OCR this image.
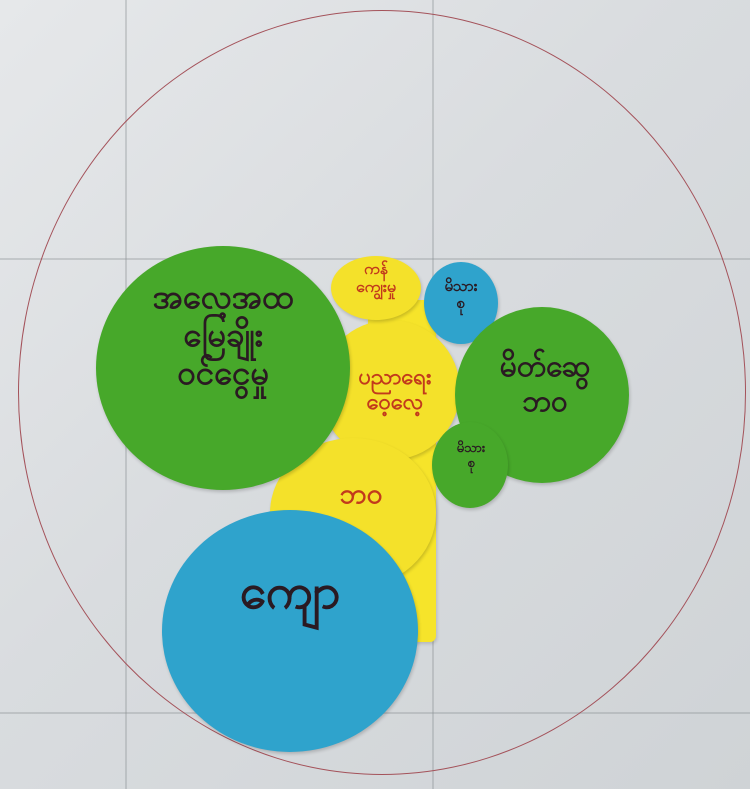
အလေ့အထ
မြေချိုး
ဝင်ငွေမှု
ကန်
ကျွေးမှု	မိသား
စု
ပညာရေး
ဝေ့လေ့
မိတ်ဆွေ
ဘဝ
မိသား
စု
ဘဝ
ကျော
